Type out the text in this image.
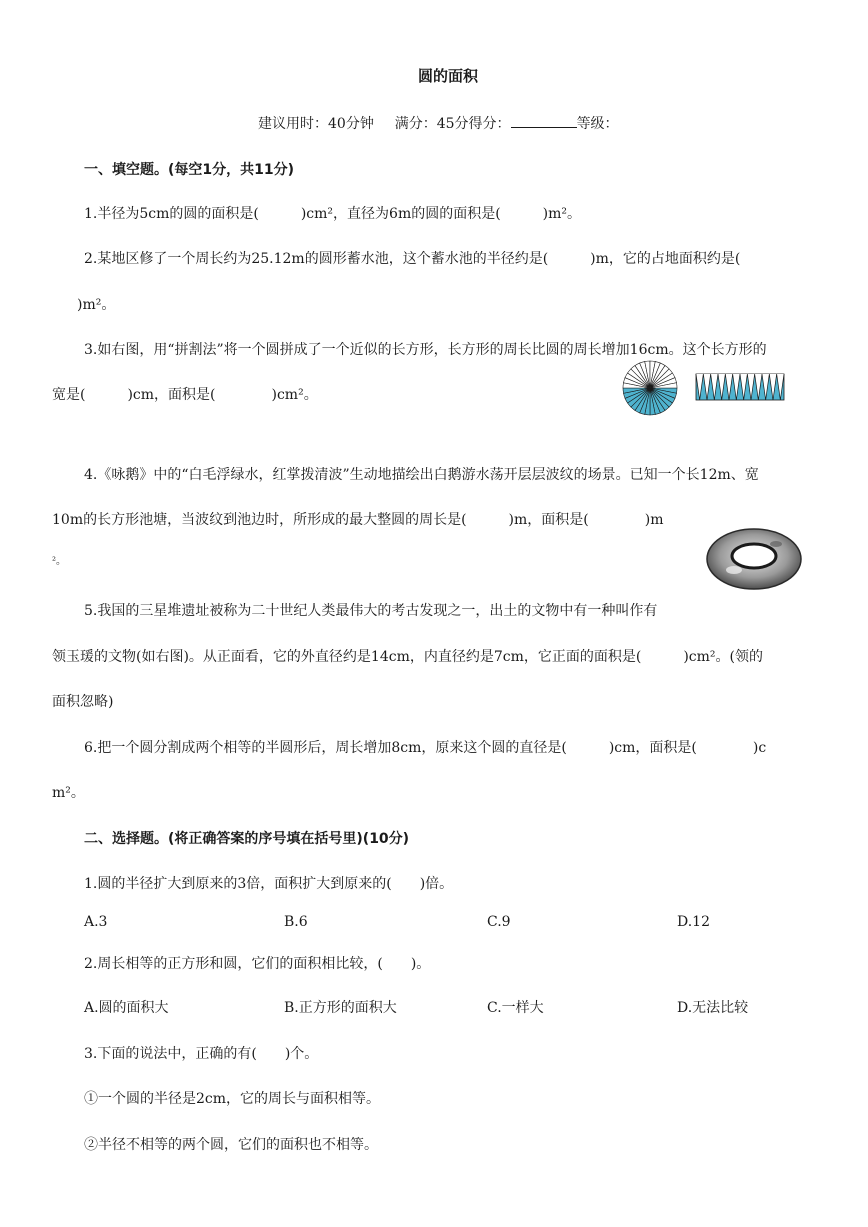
圆的面积
建议用时：40分钟 满分：45分得分：	等级：
一、填空题。(每空1分，共11分)
1.半径为5cm的圆的面积是(　　　)cm²，直径为6m的圆的面积是(　　　)m²。
2.某地区修了一个周长约为25.12m的圆形蓄水池，这个蓄水池的半径约是(　　　)m，它的占地面积约是(
)m²。
3.如右图，用“拼割法”将一个圆拼成了一个近似的长方形，长方形的周长比圆的周长增加16cm。这个长方形的
宽是(　　　)cm，面积是(　　　　)cm²。
4.《咏鹅》中的“白毛浮绿水，红掌拨清波”生动地描绘出白鹅游水荡开层层波纹的场景。已知一个长12m、宽
10m的长方形池塘，当波纹到池边时，所形成的最大整圆的周长是(　　　)m，面积是(　　　　)m
²。
5.我国的三星堆遗址被称为二十世纪人类最伟大的考古发现之一，出土的文物中有一种叫作有
领玉瑗的文物(如右图)。从正面看，它的外直径约是14cm，内直径约是7cm，它正面的面积是(　　　)cm²。(领的
面积忽略)
6.把一个圆分割成两个相等的半圆形后，周长增加8cm，原来这个圆的直径是(　　　)cm，面积是(　　　　)c
m²。
二、选择题。(将正确答案的序号填在括号里)(10分)
1.圆的半径扩大到原来的3倍，面积扩大到原来的(　　)倍。
A.3	B.6	C.9	D.12
2.周长相等的正方形和圆，它们的面积相比较，(　　)。
A.圆的面积大	B.正方形的面积大	C.一样大	D.无法比较
3.下面的说法中，正确的有(　　)个。
①一个圆的半径是2cm，它的周长与面积相等。
②半径不相等的两个圆，它们的面积也不相等。
